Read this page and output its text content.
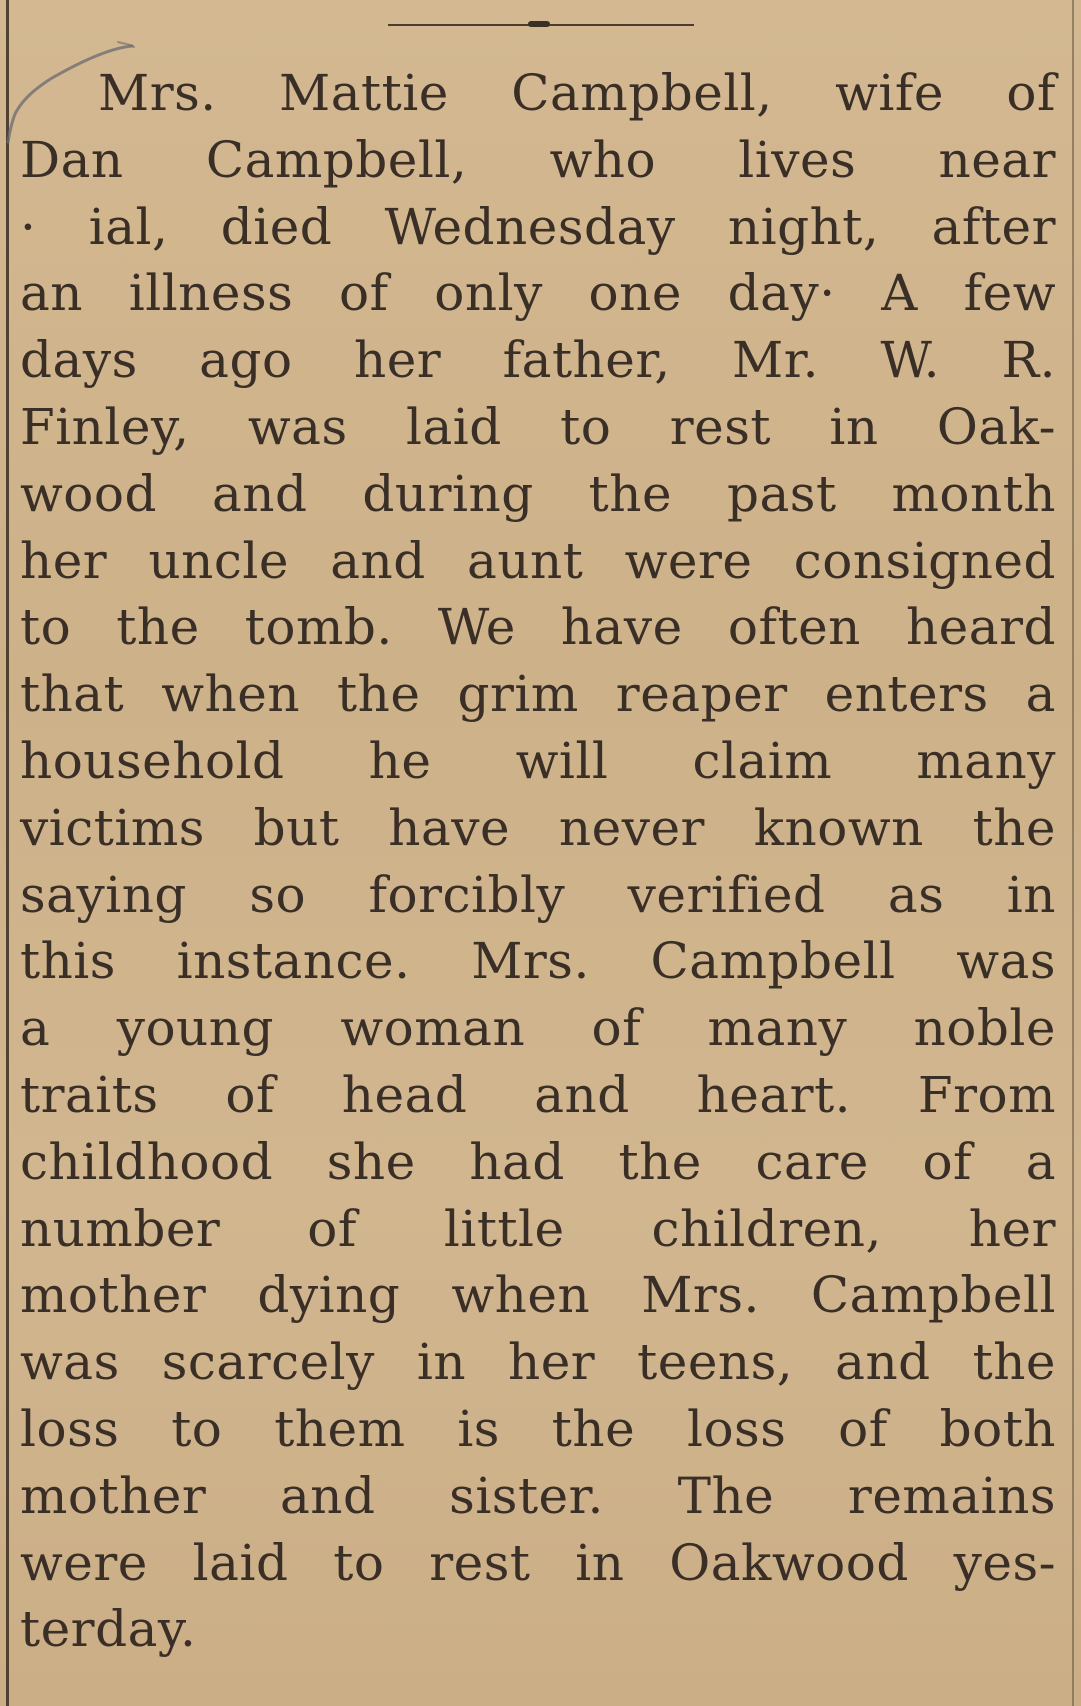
Mrs. Mattie Campbell, wife of
Dan Campbell, who lives near
· ial, died Wednesday night, after
an illness of only one day· A few
days ago her father, Mr. W. R.
Finley, was laid to rest in Oak-
wood and during the past month
her uncle and aunt were consigned
to the tomb. We have often heard
that when the grim reaper enters a
household he will claim many
victims but have never known the
saying so forcibly verified as in
this instance. Mrs. Campbell was
a young woman of many noble
traits of head and heart. From
childhood she had the care of a
number of little children, her
mother dying when Mrs. Campbell
was scarcely in her teens, and the
loss to them is the loss of both
mother and sister. The remains
were laid to rest in Oakwood yes-
terday.
